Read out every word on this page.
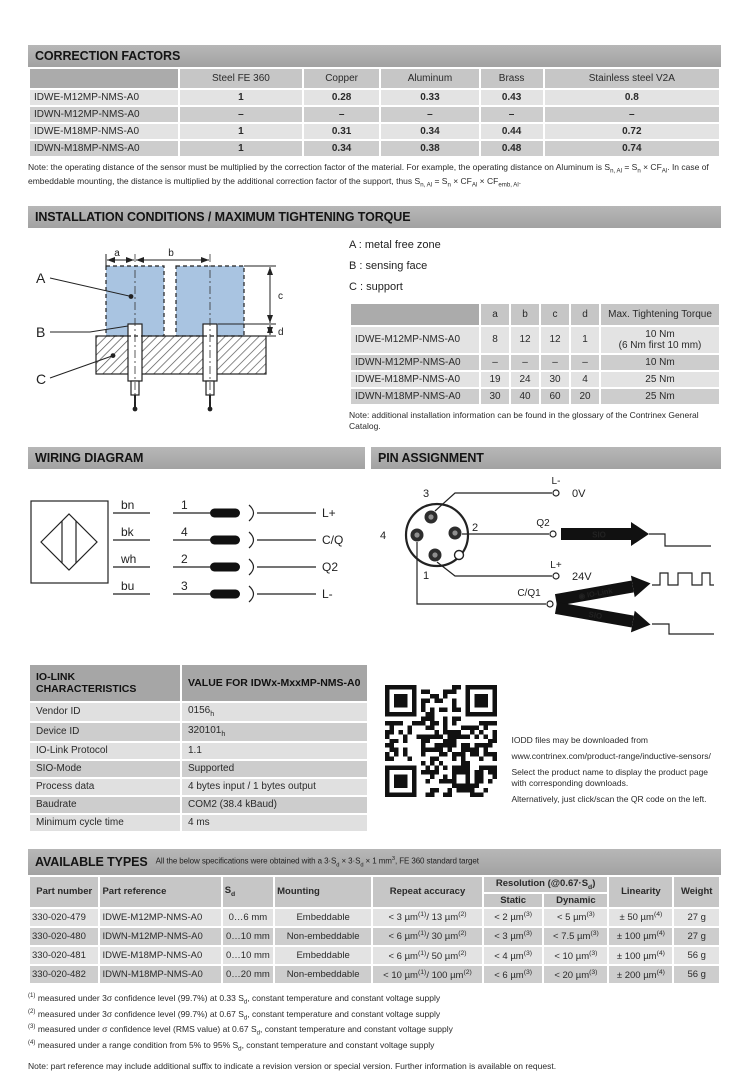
CORRECTION FACTORS
	Steel FE 360	Copper	Aluminum	Brass	Stainless steel V2A
IDWE-M12MP-NMS-A0	1	0.28	0.33	0.43	0.8
IDWN-M12MP-NMS-A0	–	–	–	–	–
IDWE-M18MP-NMS-A0	1	0.31	0.34	0.44	0.72
IDWN-M18MP-NMS-A0	1	0.34	0.38	0.48	0.74
Note: the operating distance of the sensor must be multiplied by the correction factor of the material. For example, the operating distance on Aluminum is $S_{n, Al} = S_n \times CF_{Al}$. In case of embeddable mounting, the distance is multiplied by the additional correction factor of the support, thus $S_{n, Al} = S_n \times CF_{Al} \times CF_{emb, Al}$.
INSTALLATION CONDITIONS / MAXIMUM TIGHTENING TORQUE
a	b
c
d
A
B
C
A : metal free zone
B : sensing face
C : support
	a	b	c	d	Max. Tightening Torque
IDWE-M12MP-NMS-A0	8	12	12	1	10 Nm
(6 Nm first 10 mm)
IDWN-M12MP-NMS-A0	–	–	–	–	10 Nm
IDWE-M18MP-NMS-A0	19	24	30	4	25 Nm
IDWN-M18MP-NMS-A0	30	40	60	20	25 Nm
Note: additional installation information can be found in the glossary of the Contrinex General Catalog.
WIRING DIAGRAM
bn	1
L+
bk	4
C/Q
wh	2
Q2
bu	3
L-
PIN ASSIGNMENT
3
2
4
1
L-
0V
Q2
SIO
L+
24V
C/Q1	◉ IO-Link
SIO
IO-LINK CHARACTERISTICS	VALUE FOR IDWx-MxxMP-NMS-A0
Vendor ID	$0156_h$
Device ID	$320101_h$
IO-Link Protocol	1.1
SIO-Mode	Supported
Process data	4 bytes input / 1 bytes output
Baudrate	COM2 (38.4 kBaud)
Minimum cycle time	4 ms
IODD files may be downloaded from
www.contrinex.com/product-range/inductive-sensors/
Select the product name to display the product page with corresponding downloads.
Alternatively, just click/scan the QR code on the left.
AVAILABLE TYPES All the below specifications were obtained with a $3\cdot S_d \times 3\cdot S_d \times 1$ $mm^3$, FE 360 standard target
Part number	Part reference	$S_d$	Mounting	Repeat accuracy	Resolution $(@0.67\cdot S_d)$		Linearity	Weight
					Static	Dynamic		
330-020-479	IDWE-M12MP-NMS-A0	0…6 mm	Embeddable	< 3 µm$^{(1)}$/ 13 µm$^{(2)}$	< 2 µm$^{(3)}$	< 5 µm$^{(3)}$	± 50 µm$^{(4)}$	27 g
330-020-480	IDWN-M12MP-NMS-A0	0…10 mm	Non-embeddable	< 6 µm$^{(1)}$/ 30 µm$^{(2)}$	< 3 µm$^{(3)}$	< 7.5 µm$^{(3)}$	± 100 µm$^{(4)}$	27 g
330-020-481	IDWE-M18MP-NMS-A0	0…10 mm	Embeddable	< 6 µm$^{(1)}$/ 50 µm$^{(2)}$	< 4 µm$^{(3)}$	< 10 µm$^{(3)}$	± 100 µm$^{(4)}$	56 g
330-020-482	IDWN-M18MP-NMS-A0	0…20 mm	Non-embeddable	< 10 µm$^{(1)}$/ 100 µm$^{(2)}$	< 6 µm$^{(3)}$	< 20 µm$^{(3)}$	± 200 µm$^{(4)}$	56 g
$^{(1)}$ measured under 3σ confidence level (99.7%) at 0.33 $S_d$, constant temperature and constant voltage supply
$^{(2)}$ measured under 3σ confidence level (99.7%) at 0.67 $S_d$, constant temperature and constant voltage supply
$^{(3)}$ measured under σ confidence level (RMS value) at 0.67 $S_d$, constant temperature and constant voltage supply
$^{(4)}$ measured under a range condition from 5% to 95% $S_d$, constant temperature and constant voltage supply
Note: part reference may include additional suffix to indicate a revision version or special version. Further information is available on request.
